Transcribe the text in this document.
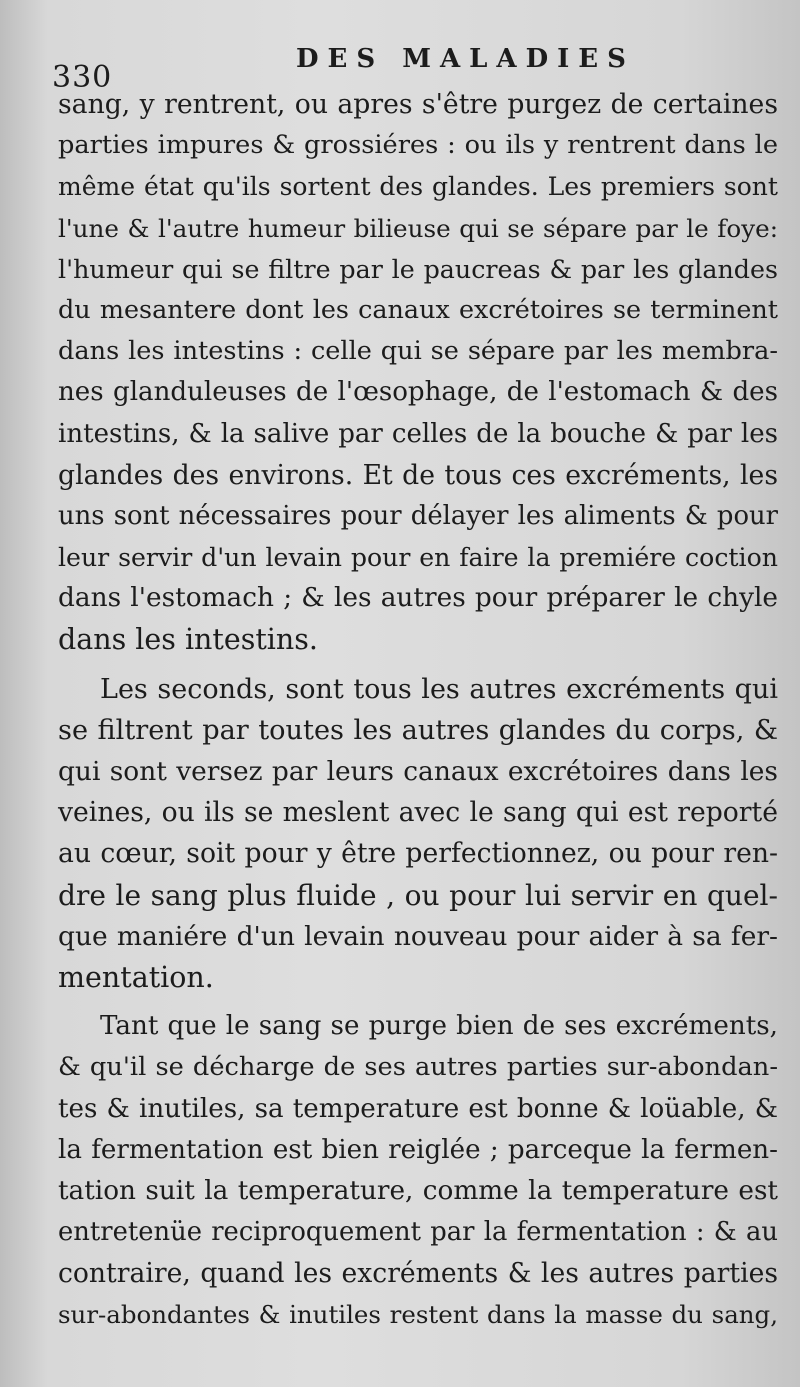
330
DES MALADIES
sang, y rentrent, ou apres s'être purgez de certaines
parties impures & grossiéres : ou ils y rentrent dans le
même état qu'ils sortent des glandes. Les premiers sont
l'une & l'autre humeur bilieuse qui se sépare par le foye:
l'humeur qui se filtre par le paucreas & par les glandes
du mesantere dont les canaux excrétoires se terminent
dans les intestins : celle qui se sépare par les membra-
nes glanduleuses de l'œsophage, de l'estomach & des
intestins, & la salive par celles de la bouche & par les
glandes des environs. Et de tous ces excréments, les
uns sont nécessaires pour délayer les aliments & pour
leur servir d'un levain pour en faire la premiére coction
dans l'estomach ; & les autres pour préparer le chyle
dans les intestins.
Les seconds, sont tous les autres excréments qui
se filtrent par toutes les autres glandes du corps, &
qui sont versez par leurs canaux excrétoires dans les
veines, ou ils se meslent avec le sang qui est reporté
au cœur, soit pour y être perfectionnez, ou pour ren-
dre le sang plus fluide , ou pour lui servir en quel-
que maniére d'un levain nouveau pour aider à sa fer-
mentation.
Tant que le sang se purge bien de ses excréments,
& qu'il se décharge de ses autres parties sur-abondan-
tes & inutiles, sa temperature est bonne & loüable, &
la fermentation est bien reiglée ; parceque la fermen-
tation suit la temperature, comme la temperature est
entretenüe reciproquement par la fermentation : & au
contraire, quand les excréments & les autres parties
sur-abondantes & inutiles restent dans la masse du sang,
